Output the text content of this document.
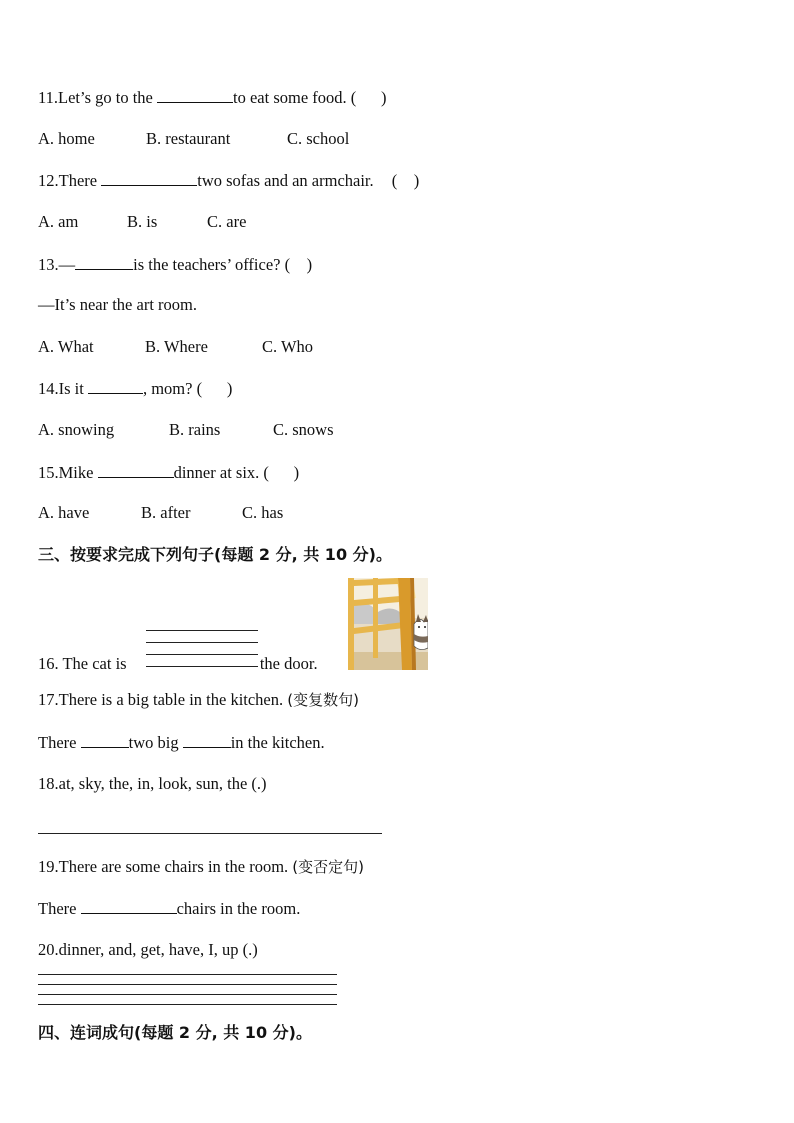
11.Let’s go to the	to eat some food. (      )
A. home	B. restaurant	C. school
12.There	two sofas and an armchair. (    )
A. am	B. is	C. are
13.—	is the teachers’ office? (    )
—It’s near the art room.
A. What	B. Where	C. Who
14.Is it	, mom? (      )
A. snowing	B. rains	C. snows
15.Mike	dinner at six. (      )
A. have	B. after	C. has
三、按要求完成下列句子(每题 2 分, 共 10 分)。
16. The cat is	the door.
17.There is a big table in the kitchen. (变复数句)
There	two big	in the kitchen.
18.at, sky, the, in, look, sun, the (.)
19.There are some chairs in the room. (变否定句)
There	chairs in the room.
20.dinner, and, get, have, I, up (.)
四、连词成句(每题 2 分, 共 10 分)。
